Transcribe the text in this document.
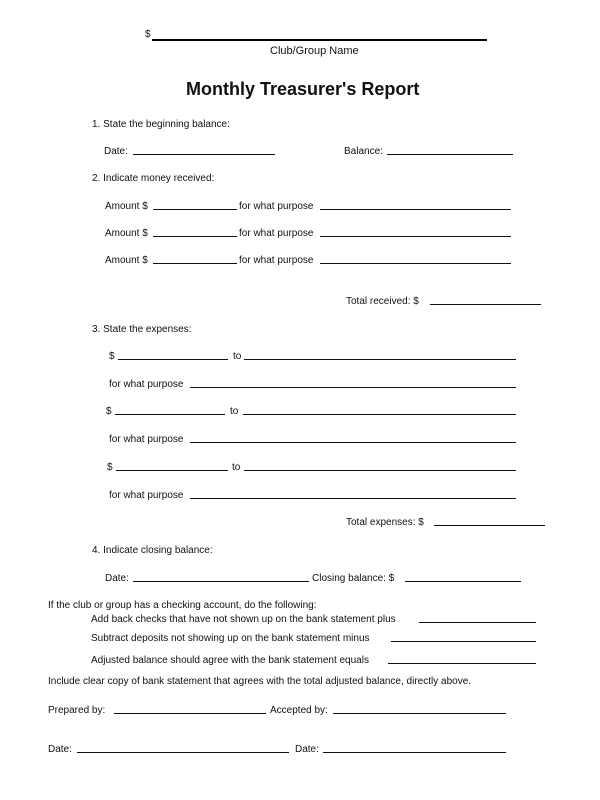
$
Club/Group Name
Monthly Treasurer's Report
1. State the beginning balance:
Date:	Balance:
2. Indicate money received:
Amount $	for what purpose
Amount $	for what purpose
Amount $	for what purpose
Total received: $
3. State the expenses:
$	to
for what purpose
$	to
for what purpose
$	to
for what purpose
Total expenses: $
4. Indicate closing balance:
Date:	Closing balance: $
If the club or group has a checking account, do the following:
Add back checks that have not shown up on the bank statement plus
Subtract deposits not showing up on the bank statement minus
Adjusted balance should agree with the bank statement equals
Include clear copy of bank statement that agrees with the total adjusted balance, directly above.
Prepared by:	Accepted by:
Date:	Date:
